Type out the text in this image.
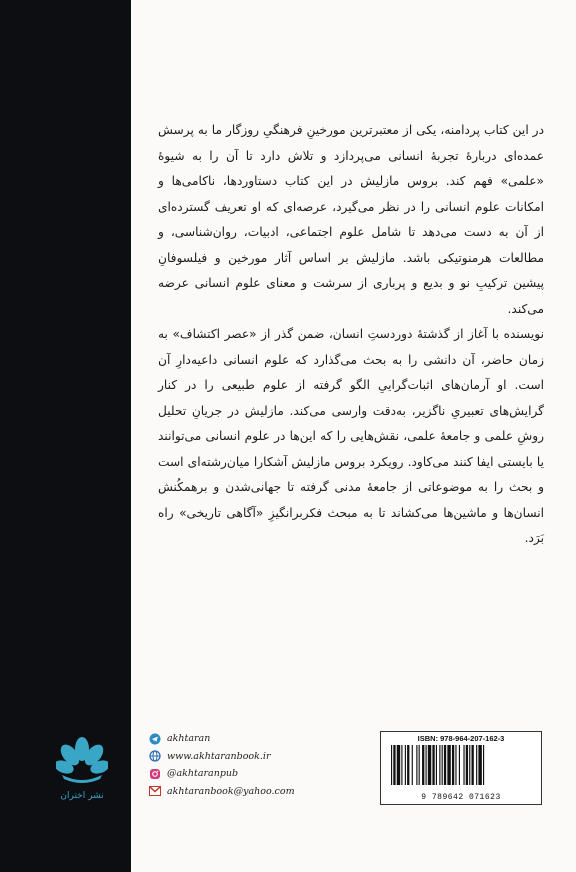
در این کتاب پردامنه، یکی از معتبرترین مورخینِ فرهنگیِ روزگار ما به پرسش عمده‌ای دربارهٔ تجربهٔ انسانی می‌پردازد و تلاش دارد تا آن را به شیوهٔ «علمی» فهم کند. بروس مازلیش در این کتاب دستاوردها، ناکامی‌ها و امکانات علوم انسانی را در نظر می‌گیرد، عرصه‌ای که او تعریف گسترده‌ای از آن به دست می‌دهد تا شامل علوم اجتماعی، ادبیات، روان‌شناسی، و مطالعات هرمنوتیکی باشد. مازلیش بر اساس آثار مورخین و فیلسوفانِ پیشین ترکیبِ نو و بدیع و پرباری از سرشت و معنای علوم انسانی عرضه می‌کند.

نویسنده با آغاز از گذشتهٔ دوردستِ انسان، ضمن گذر از «عصر اکتشاف» به زمان حاضر، آن دانشی را به بحث می‌گذارد که علوم انسانی داعیه‌دارِ آن است. او آرمان‌های اثبات‌گراییِ الگو گرفته از علوم طبیعی را در کنار گرایش‌های تعبیریِ ناگزیر، به‌دقت وارسی می‌کند. مازلیش در جریانِ تحلیل روشِ علمی و جامعهٔ علمی، نقش‌هایی را که این‌ها در علوم انسانی می‌توانند یا بایستی ایفا کنند می‌کاود. رویکرد بروس مازلیش آشکارا میان‌رشته‌ای است و بحث را به موضوعاتی از جامعهٔ مدنی گرفته تا جهانی‌شدن و برهمکُنش انسان‌ها و ماشین‌ها می‌کشاند تا به مبحث فکربرانگیزِ «آگاهی تاریخی» راه بَرَد.

akhtaran
www.akhtaranbook.ir
@akhtaranpub
akhtaranbook@yahoo.com
نشر اختران
ISBN: 978-964-207-162-3
9 789642 071623
